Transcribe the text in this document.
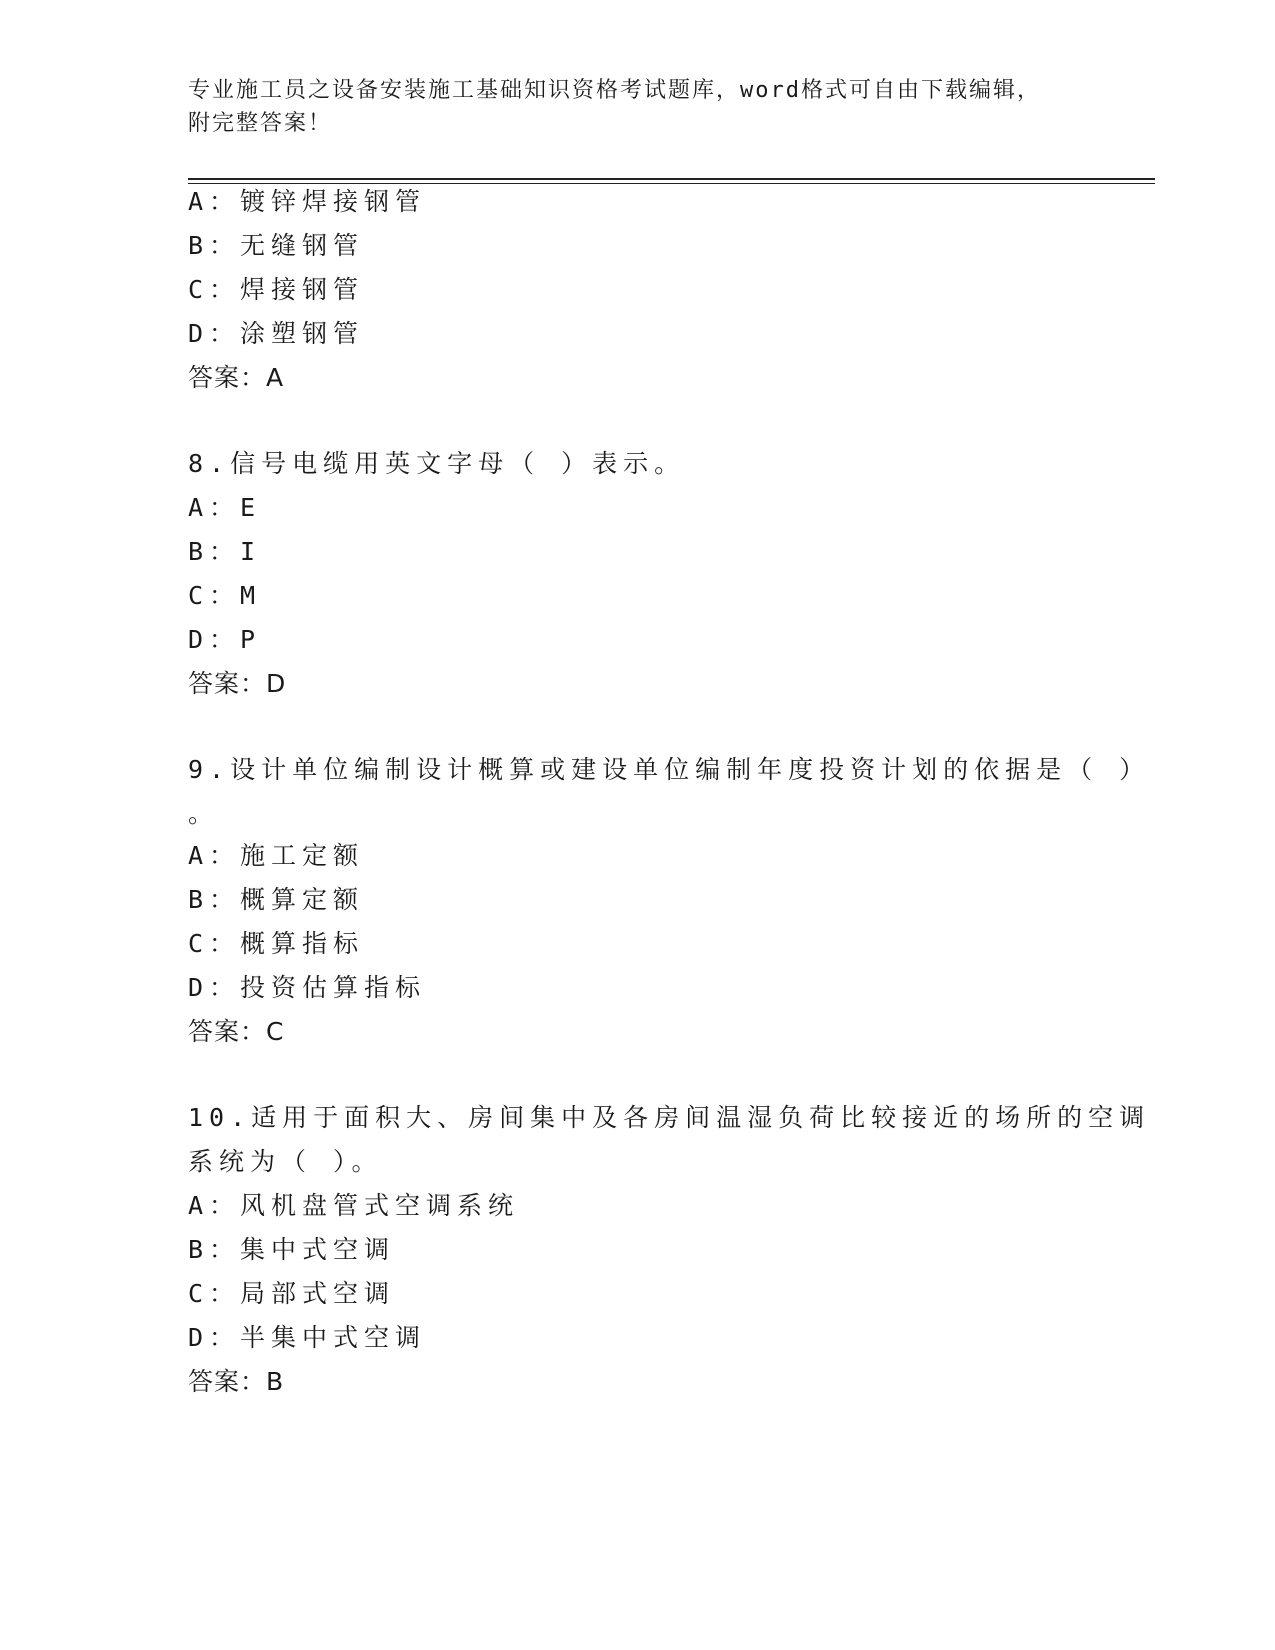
专业施工员之设备安装施工基础知识资格考试题库，word格式可自由下载编辑，
附完整答案！
A：镀锌焊接钢管
B：无缝钢管
C：焊接钢管
D：涂塑钢管
答案：A
8.信号电缆用英文字母（ ）表示。
A：E
B：I
C：M
D：P
答案：D
9.设计单位编制设计概算或建设单位编制年度投资计划的依据是（ ）
。
A：施工定额
B：概算定额
C：概算指标
D：投资估算指标
答案：C
10.适用于面积大、房间集中及各房间温湿负荷比较接近的场所的空调
系统为（ ）。
A：风机盘管式空调系统
B：集中式空调
C：局部式空调
D：半集中式空调
答案：B
